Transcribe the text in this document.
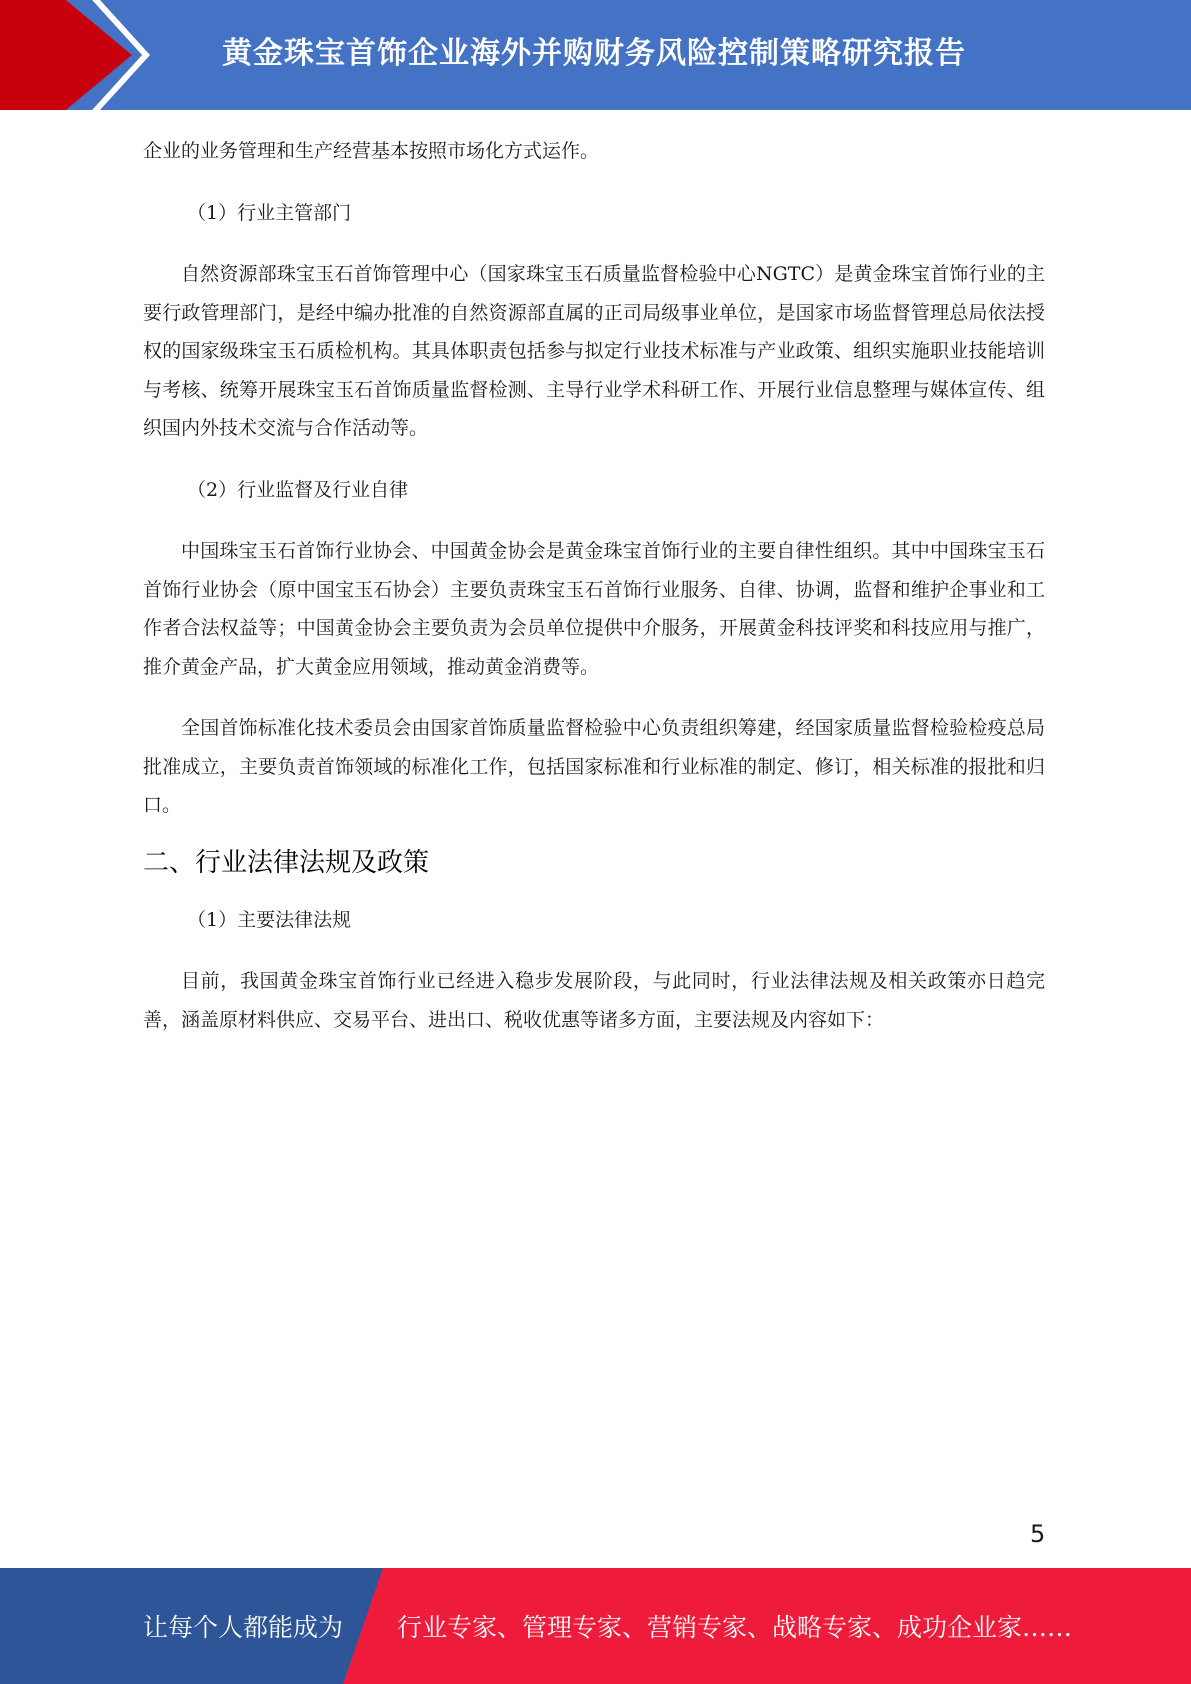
黄金珠宝首饰企业海外并购财务风险控制策略研究报告

企业的业务管理和生产经营基本按照市场化方式运作。

（1）行业主管部门

自然资源部珠宝玉石首饰管理中心（国家珠宝玉石质量监督检验中心NGTC）是黄金珠宝首饰行业的主要行政管理部门，是经中编办批准的自然资源部直属的正司局级事业单位，是国家市场监督管理总局依法授权的国家级珠宝玉石质检机构。其具体职责包括参与拟定行业技术标准与产业政策、组织实施职业技能培训与考核、统筹开展珠宝玉石首饰质量监督检测、主导行业学术科研工作、开展行业信息整理与媒体宣传、组织国内外技术交流与合作活动等。

（2）行业监督及行业自律

中国珠宝玉石首饰行业协会、中国黄金协会是黄金珠宝首饰行业的主要自律性组织。其中中国珠宝玉石首饰行业协会（原中国宝玉石协会）主要负责珠宝玉石首饰行业服务、自律、协调，监督和维护企事业和工作者合法权益等；中国黄金协会主要负责为会员单位提供中介服务，开展黄金科技评奖和科技应用与推广，推介黄金产品，扩大黄金应用领域，推动黄金消费等。

全国首饰标准化技术委员会由国家首饰质量监督检验中心负责组织筹建，经国家质量监督检验检疫总局批准成立，主要负责首饰领域的标准化工作，包括国家标准和行业标准的制定、修订，相关标准的报批和归口。

二、行业法律法规及政策

（1）主要法律法规

目前，我国黄金珠宝首饰行业已经进入稳步发展阶段，与此同时，行业法律法规及相关政策亦日趋完善，涵盖原材料供应、交易平台、进出口、税收优惠等诸多方面，主要法规及内容如下：

5
让每个人都能成为 行业专家、管理专家、营销专家、战略专家、成功企业家……
